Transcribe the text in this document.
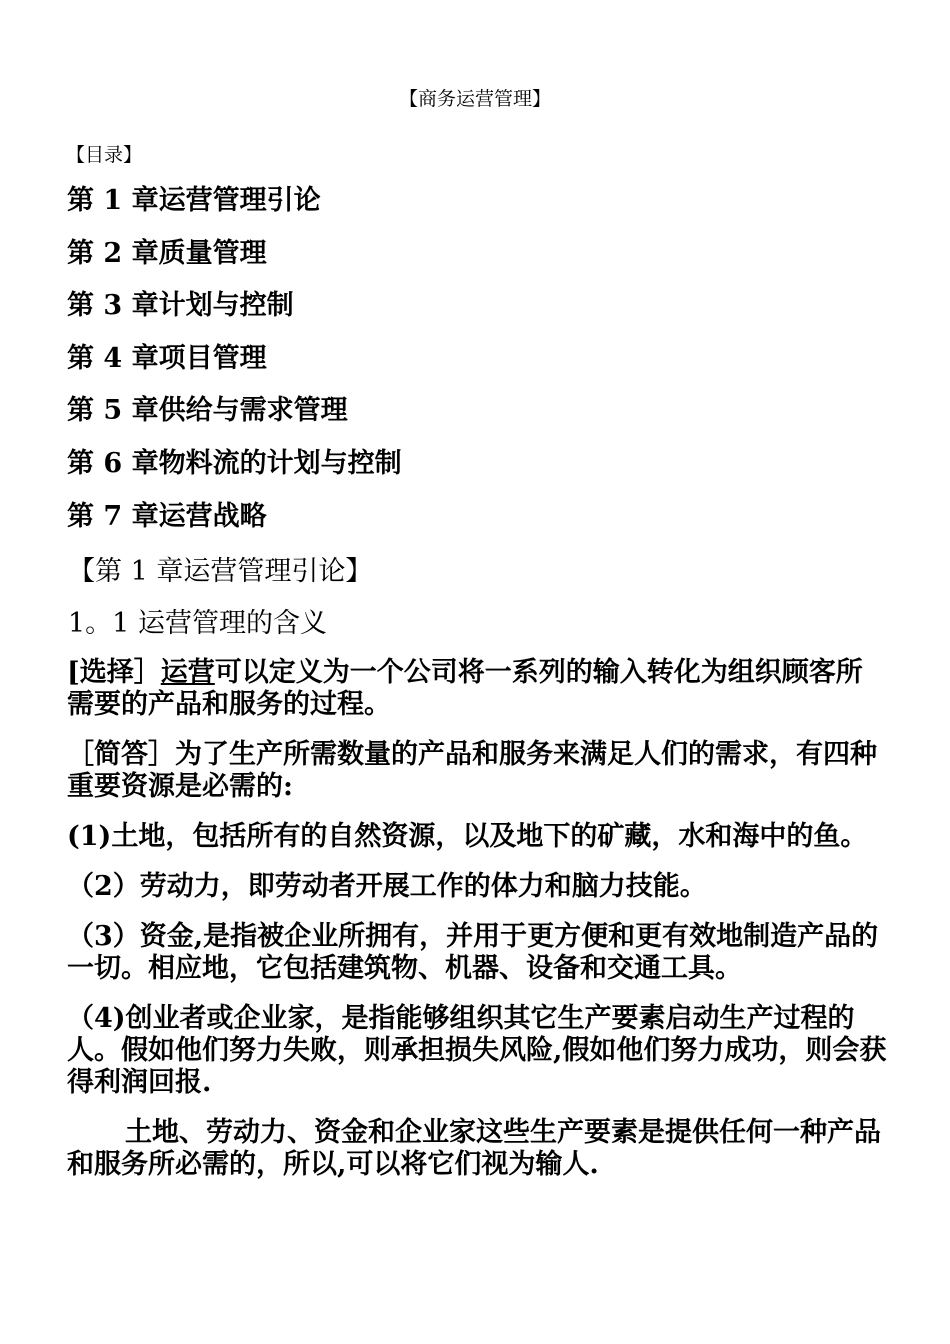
【商务运营管理】
【目录】
第 1 章运营管理引论
第 2 章质量管理
第 3 章计划与控制
第 4 章项目管理
第 5 章供给与需求管理
第 6 章物料流的计划与控制
第 7 章运营战略
【第 1 章运营管理引论】
1。1 运营管理的含义

[选择］运营可以定义为一个公司将一系列的输入转化为组织顾客所需要的产品和服务的过程。

［简答］为了生产所需数量的产品和服务来满足人们的需求，有四种重要资源是必需的:

(1)土地，包括所有的自然资源，以及地下的矿藏，水和海中的鱼。

（2）劳动力，即劳动者开展工作的体力和脑力技能。

（3）资金,是指被企业所拥有，并用于更方便和更有效地制造产品的一切。相应地，它包括建筑物、机器、设备和交通工具。

（4)创业者或企业家，是指能够组织其它生产要素启动生产过程的人。假如他们努力失败，则承担损失风险,假如他们努力成功，则会获得利润回报.

土地、劳动力、资金和企业家这些生产要素是提供任何一种产品和服务所必需的，所以,可以将它们视为输人.
